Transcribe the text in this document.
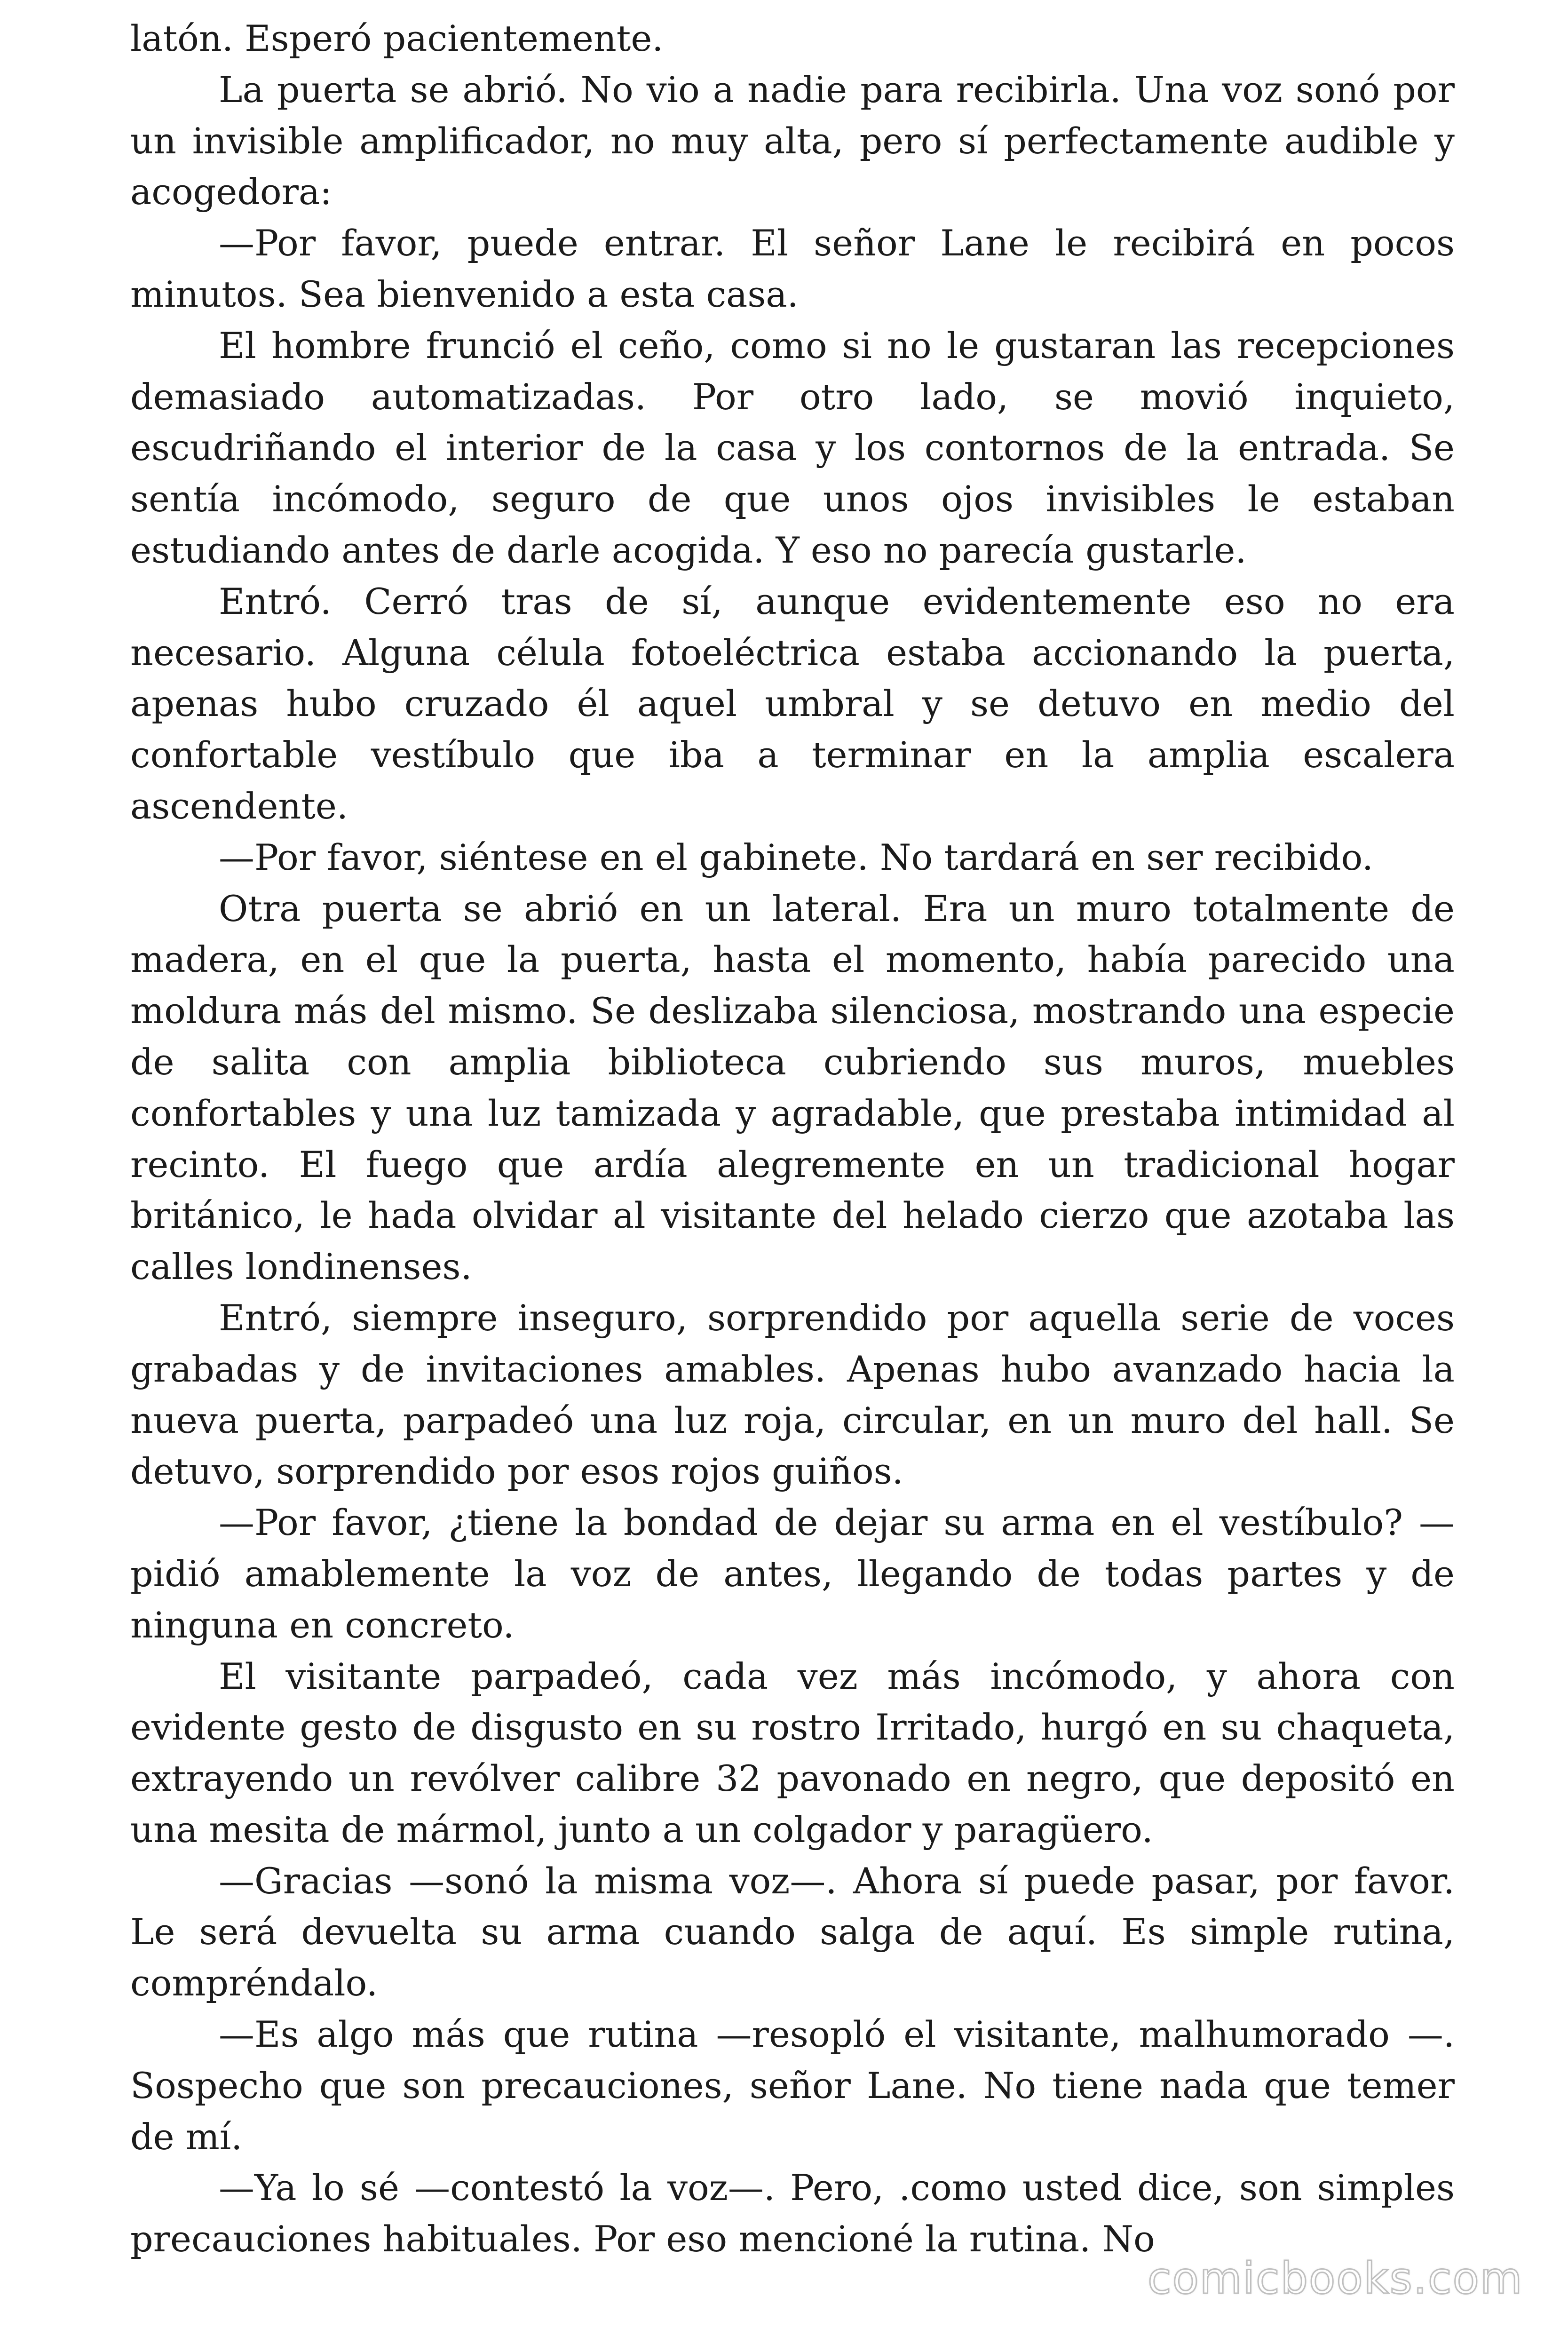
latón. Esperó pacientemente.

La puerta se abrió. No vio a nadie para recibirla. Una voz sonó por un invisible amplificador, no muy alta, pero sí perfectamente audible y acogedora:

—Por favor, puede entrar. El señor Lane le recibirá en pocos minutos. Sea bienvenido a esta casa.

El hombre frunció el ceño, como si no le gustaran las recepciones demasiado automatizadas. Por otro lado, se movió inquieto, escudriñando el interior de la casa y los contornos de la entrada. Se sentía incómodo, seguro de que unos ojos invisibles le estaban estudiando antes de darle acogida. Y eso no parecía gustarle.

Entró. Cerró tras de sí, aunque evidentemente eso no era necesario. Alguna célula fotoeléctrica estaba accionando la puerta, apenas hubo cruzado él aquel umbral y se detuvo en medio del confortable vestíbulo que iba a terminar en la amplia escalera ascendente.

—Por favor, siéntese en el gabinete. No tardará en ser recibido.

Otra puerta se abrió en un lateral. Era un muro totalmente de madera, en el que la puerta, hasta el momento, había parecido una moldura más del mismo. Se deslizaba silenciosa, mostrando una especie de salita con amplia biblioteca cubriendo sus muros, muebles confortables y una luz tamizada y agradable, que prestaba intimidad al recinto. El fuego que ardía alegremente en un tradicional hogar británico, le hada olvidar al visitante del helado cierzo que azotaba las calles londinenses.

Entró, siempre inseguro, sorprendido por aquella serie de voces grabadas y de invitaciones amables. Apenas hubo avanzado hacia la nueva puerta, parpadeó una luz roja, circular, en un muro del hall. Se detuvo, sorprendido por esos rojos guiños.

—Por favor, ¿tiene la bondad de dejar su arma en el vestíbulo? —pidió amablemente la voz de antes, llegando de todas partes y de ninguna en concreto.

El visitante parpadeó, cada vez más incómodo, y ahora con evidente gesto de disgusto en su rostro Irritado, hurgó en su chaqueta, extrayendo un revólver calibre 32 pavonado en negro, que depositó en una mesita de mármol, junto a un colgador y paragüero.

—Gracias —sonó la misma voz—. Ahora sí puede pasar, por favor. Le será devuelta su arma cuando salga de aquí. Es simple rutina, compréndalo.

—Es algo más que rutina —resopló el visitante, malhumorado —. Sospecho que son precauciones, señor Lane. No tiene nada que temer de mí.

—Ya lo sé —contestó la voz—. Pero, .como usted dice, son simples precauciones habituales. Por eso mencioné la rutina. No

comicbooks.com
